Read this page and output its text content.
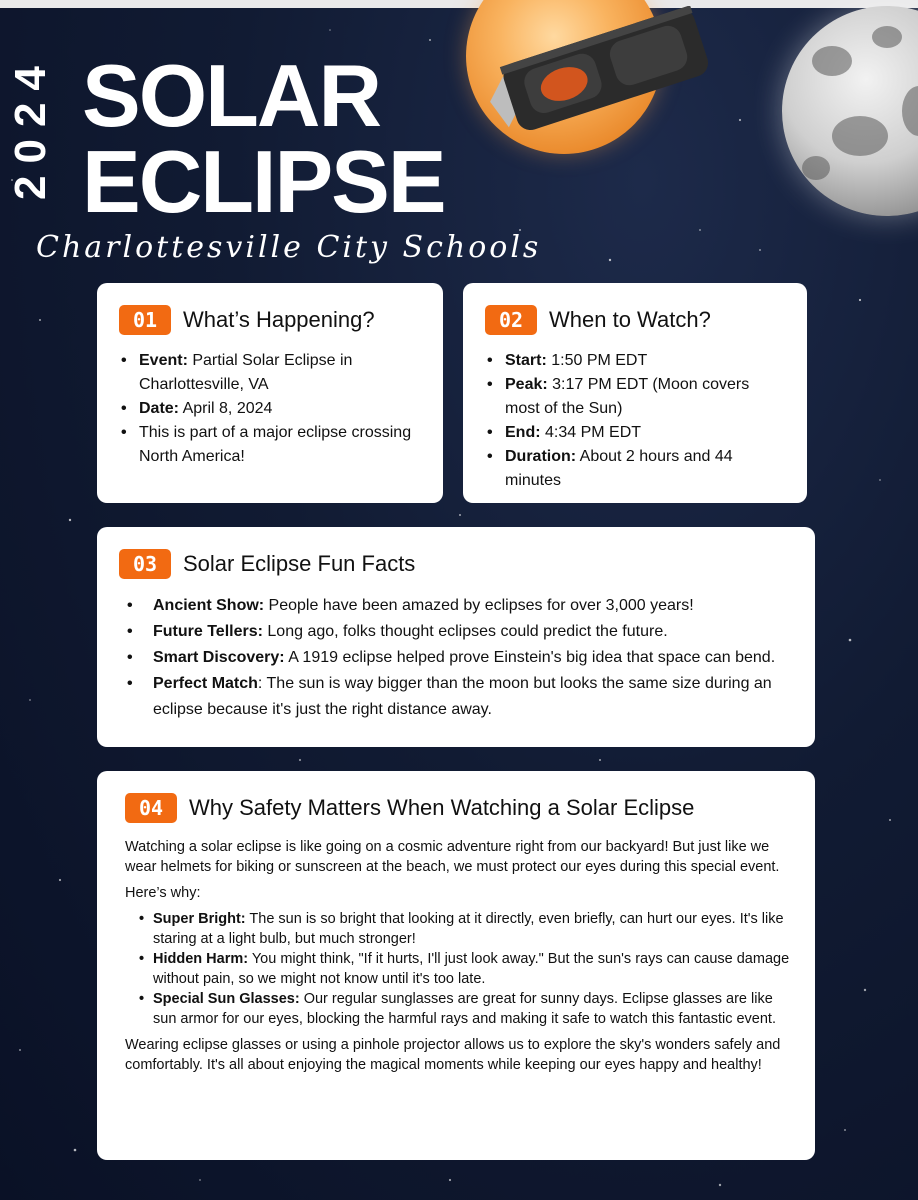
2024 SOLAR
ECLIPSE
Charlottesville City Schools
01	What’s Happening?
• Event: Partial Solar Eclipse in Charlottesville, VA
• Date: April 8, 2024
• This is part of a major eclipse crossing North America!
02	When to Watch?
• Start: 1:50 PM EDT
• Peak: 3:17 PM EDT (Moon covers most of the Sun)
• End: 4:34 PM EDT
• Duration: About 2 hours and 44 minutes
03	Solar Eclipse Fun Facts
• Ancient Show: People have been amazed by eclipses for over 3,000 years!
• Future Tellers: Long ago, folks thought eclipses could predict the future.
• Smart Discovery: A 1919 eclipse helped prove Einstein's big idea that space can bend.
• Perfect Match: The sun is way bigger than the moon but looks the same size during an eclipse because it's just the right distance away.
04	Why Safety Matters When Watching a Solar Eclipse
Watching a solar eclipse is like going on a cosmic adventure right from our backyard! But just like we wear helmets for biking or sunscreen at the beach, we must protect our eyes during this special event.
Here’s why:
• Super Bright: The sun is so bright that looking at it directly, even briefly, can hurt our eyes. It's like staring at a light bulb, but much stronger!
• Hidden Harm: You might think, "If it hurts, I'll just look away." But the sun's rays can cause damage without pain, so we might not know until it's too late.
• Special Sun Glasses: Our regular sunglasses are great for sunny days. Eclipse glasses are like sun armor for our eyes, blocking the harmful rays and making it safe to watch this fantastic event.
Wearing eclipse glasses or using a pinhole projector allows us to explore the sky's wonders safely and comfortably. It's all about enjoying the magical moments while keeping our eyes happy and healthy!
